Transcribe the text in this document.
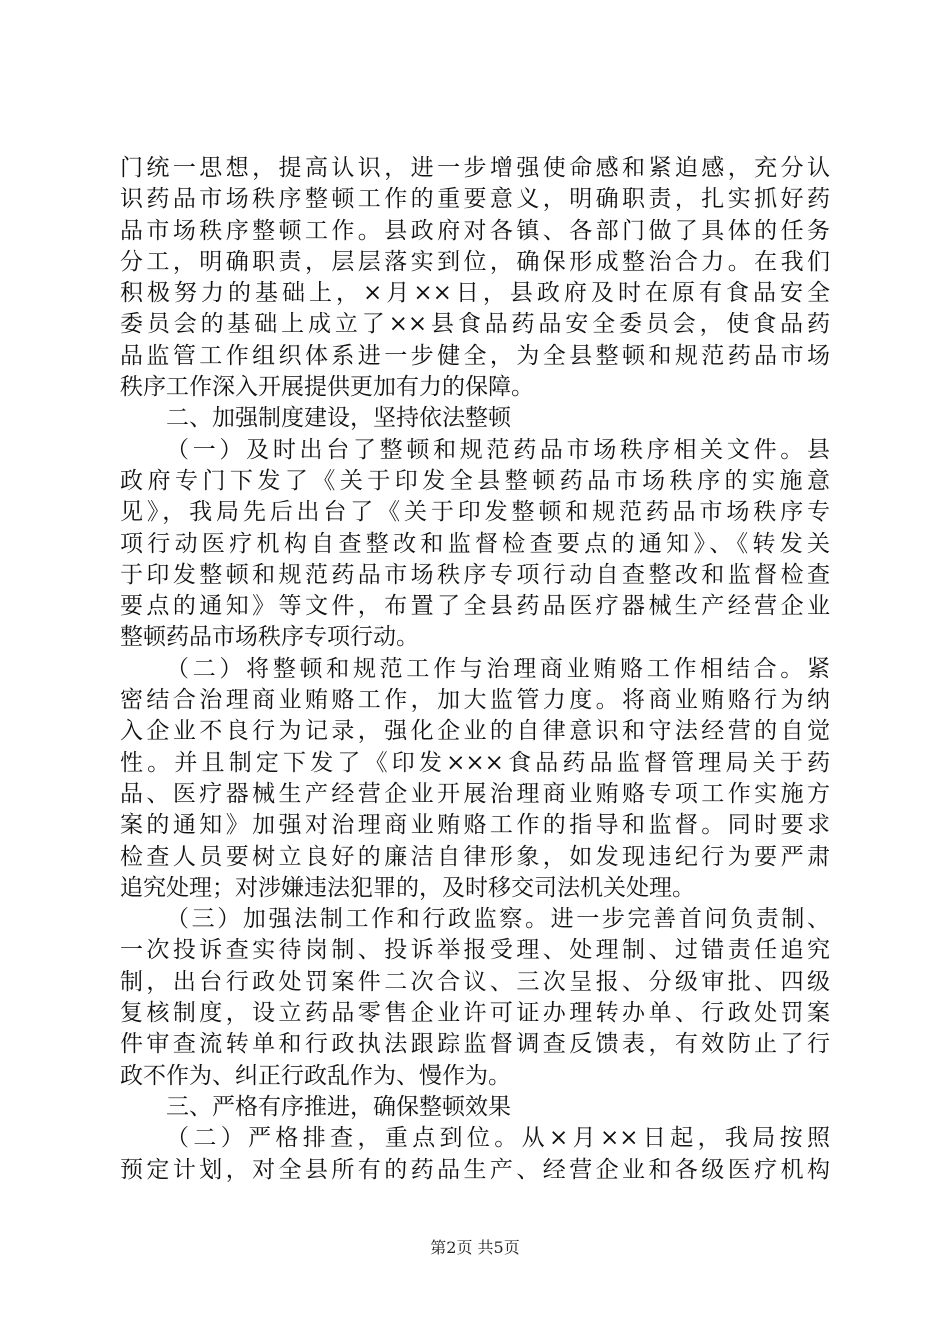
门统一思想，提高认识，进一步增强使命感和紧迫感，充分认
识药品市场秩序整顿工作的重要意义，明确职责，扎实抓好药
品市场秩序整顿工作。县政府对各镇、各部门做了具体的任务
分工，明确职责，层层落实到位，确保形成整治合力。在我们
积极努力的基础上，×月××日，县政府及时在原有食品安全
委员会的基础上成立了××县食品药品安全委员会，使食品药
品监管工作组织体系进一步健全，为全县整顿和规范药品市场
秩序工作深入开展提供更加有力的保障。
二、加强制度建设，坚持依法整顿
（一）及时出台了整顿和规范药品市场秩序相关文件。县
政府专门下发了《关于印发全县整顿药品市场秩序的实施意
见》，我局先后出台了《关于印发整顿和规范药品市场秩序专
项行动医疗机构自查整改和监督检查要点的通知》、《转发关
于印发整顿和规范药品市场秩序专项行动自查整改和监督检查
要点的通知》等文件，布置了全县药品医疗器械生产经营企业
整顿药品市场秩序专项行动。
（二）将整顿和规范工作与治理商业贿赂工作相结合。紧
密结合治理商业贿赂工作，加大监管力度。将商业贿赂行为纳
入企业不良行为记录，强化企业的自律意识和守法经营的自觉
性。并且制定下发了《印发×××食品药品监督管理局关于药
品、医疗器械生产经营企业开展治理商业贿赂专项工作实施方
案的通知》加强对治理商业贿赂工作的指导和监督。同时要求
检查人员要树立良好的廉洁自律形象，如发现违纪行为要严肃
追究处理；对涉嫌违法犯罪的，及时移交司法机关处理。
（三）加强法制工作和行政监察。进一步完善首问负责制、
一次投诉查实待岗制、投诉举报受理、处理制、过错责任追究
制，出台行政处罚案件二次合议、三次呈报、分级审批、四级
复核制度，设立药品零售企业许可证办理转办单、行政处罚案
件审查流转单和行政执法跟踪监督调查反馈表，有效防止了行
政不作为、纠正行政乱作为、慢作为。
三、严格有序推进，确保整顿效果
（二）严格排查，重点到位。从×月××日起，我局按照
预定计划，对全县所有的药品生产、经营企业和各级医疗机构
第2页 共5页
